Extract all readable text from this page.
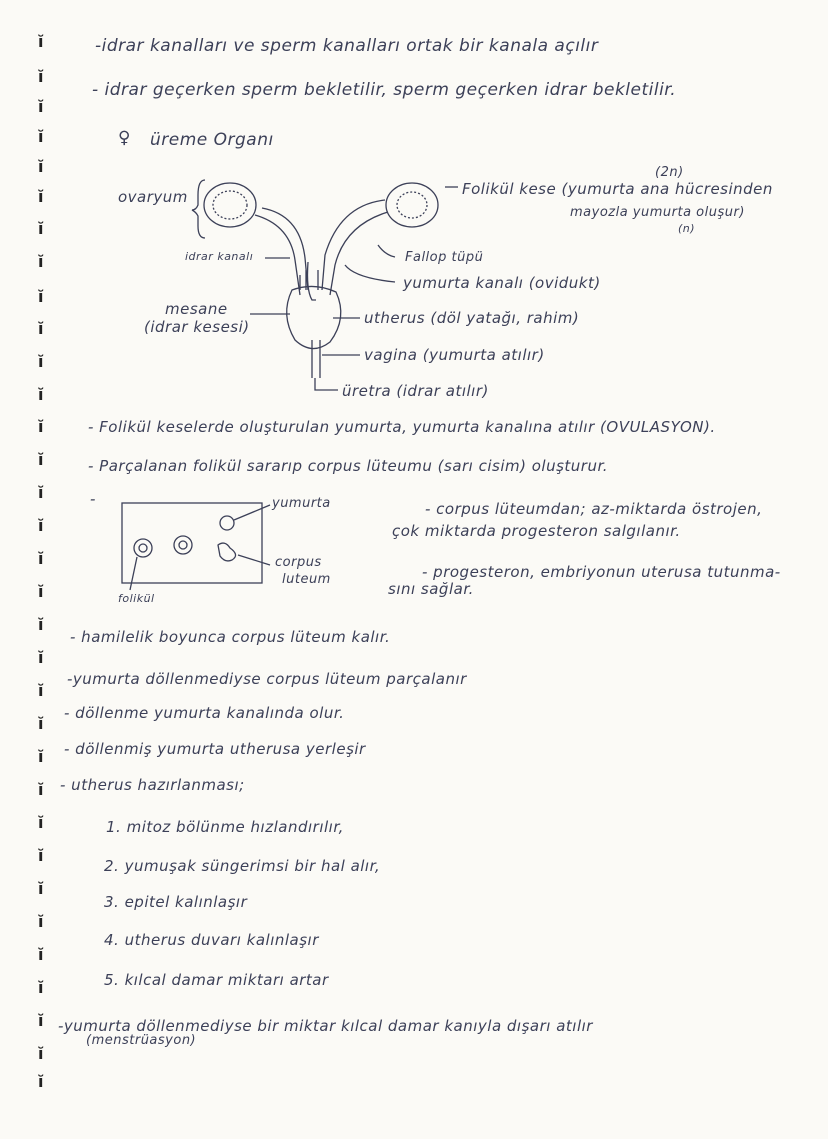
ĭ
ĭ
ĭ
ĭ
ĭ
ĭ
ĭ
ĭ
ĭ
ĭ
ĭ
ĭ
ĭ
ĭ
ĭ
ĭ
ĭ
ĭ
ĭ
ĭ
ĭ
ĭ
ĭ
ĭ
ĭ
ĭ
ĭ
ĭ
ĭ
ĭ
ĭ
ĭ
ĭ
-idrar kanalları ve sperm kanalları ortak bir kanala açılır
- idrar geçerken sperm bekletilir, sperm geçerken idrar bekletilir.
♀ üreme Organı
ovaryum
(2n)
Folikül kese (yumurta ana hücresinden
mayozla yumurta oluşur)
(n)
idrar kanalı	Fallop tüpü
yumurta kanalı (ovidukt)
mesane
(idrar kesesi)	utherus (döl yatağı, rahim)
vagina (yumurta atılır)
üretra (idrar atılır)
- Folikül keselerde oluşturulan yumurta, yumurta kanalına atılır (OVULASYON).
- Parçalanan folikül sararıp corpus lüteumu (sarı cisim) oluşturur.
-	yumurta
corpus
luteum
folikül
- corpus lüteumdan; az-miktarda östrojen,
çok miktarda progesteron salgılanır.
- progesteron, embriyonun uterusa tutunma-
sını sağlar.
- hamilelik boyunca corpus lüteum kalır.
-yumurta döllenmediyse corpus lüteum parçalanır
- döllenme yumurta kanalında olur.
- döllenmiş yumurta utherusa yerleşir
- utherus hazırlanması;
1. mitoz bölünme hızlandırılır,
2. yumuşak süngerimsi bir hal alır,
3. epitel kalınlaşır
4. utherus duvarı kalınlaşır
5. kılcal damar miktarı artar
-yumurta döllenmediyse bir miktar kılcal damar kanıyla dışarı atılır
(menstrüasyon)
